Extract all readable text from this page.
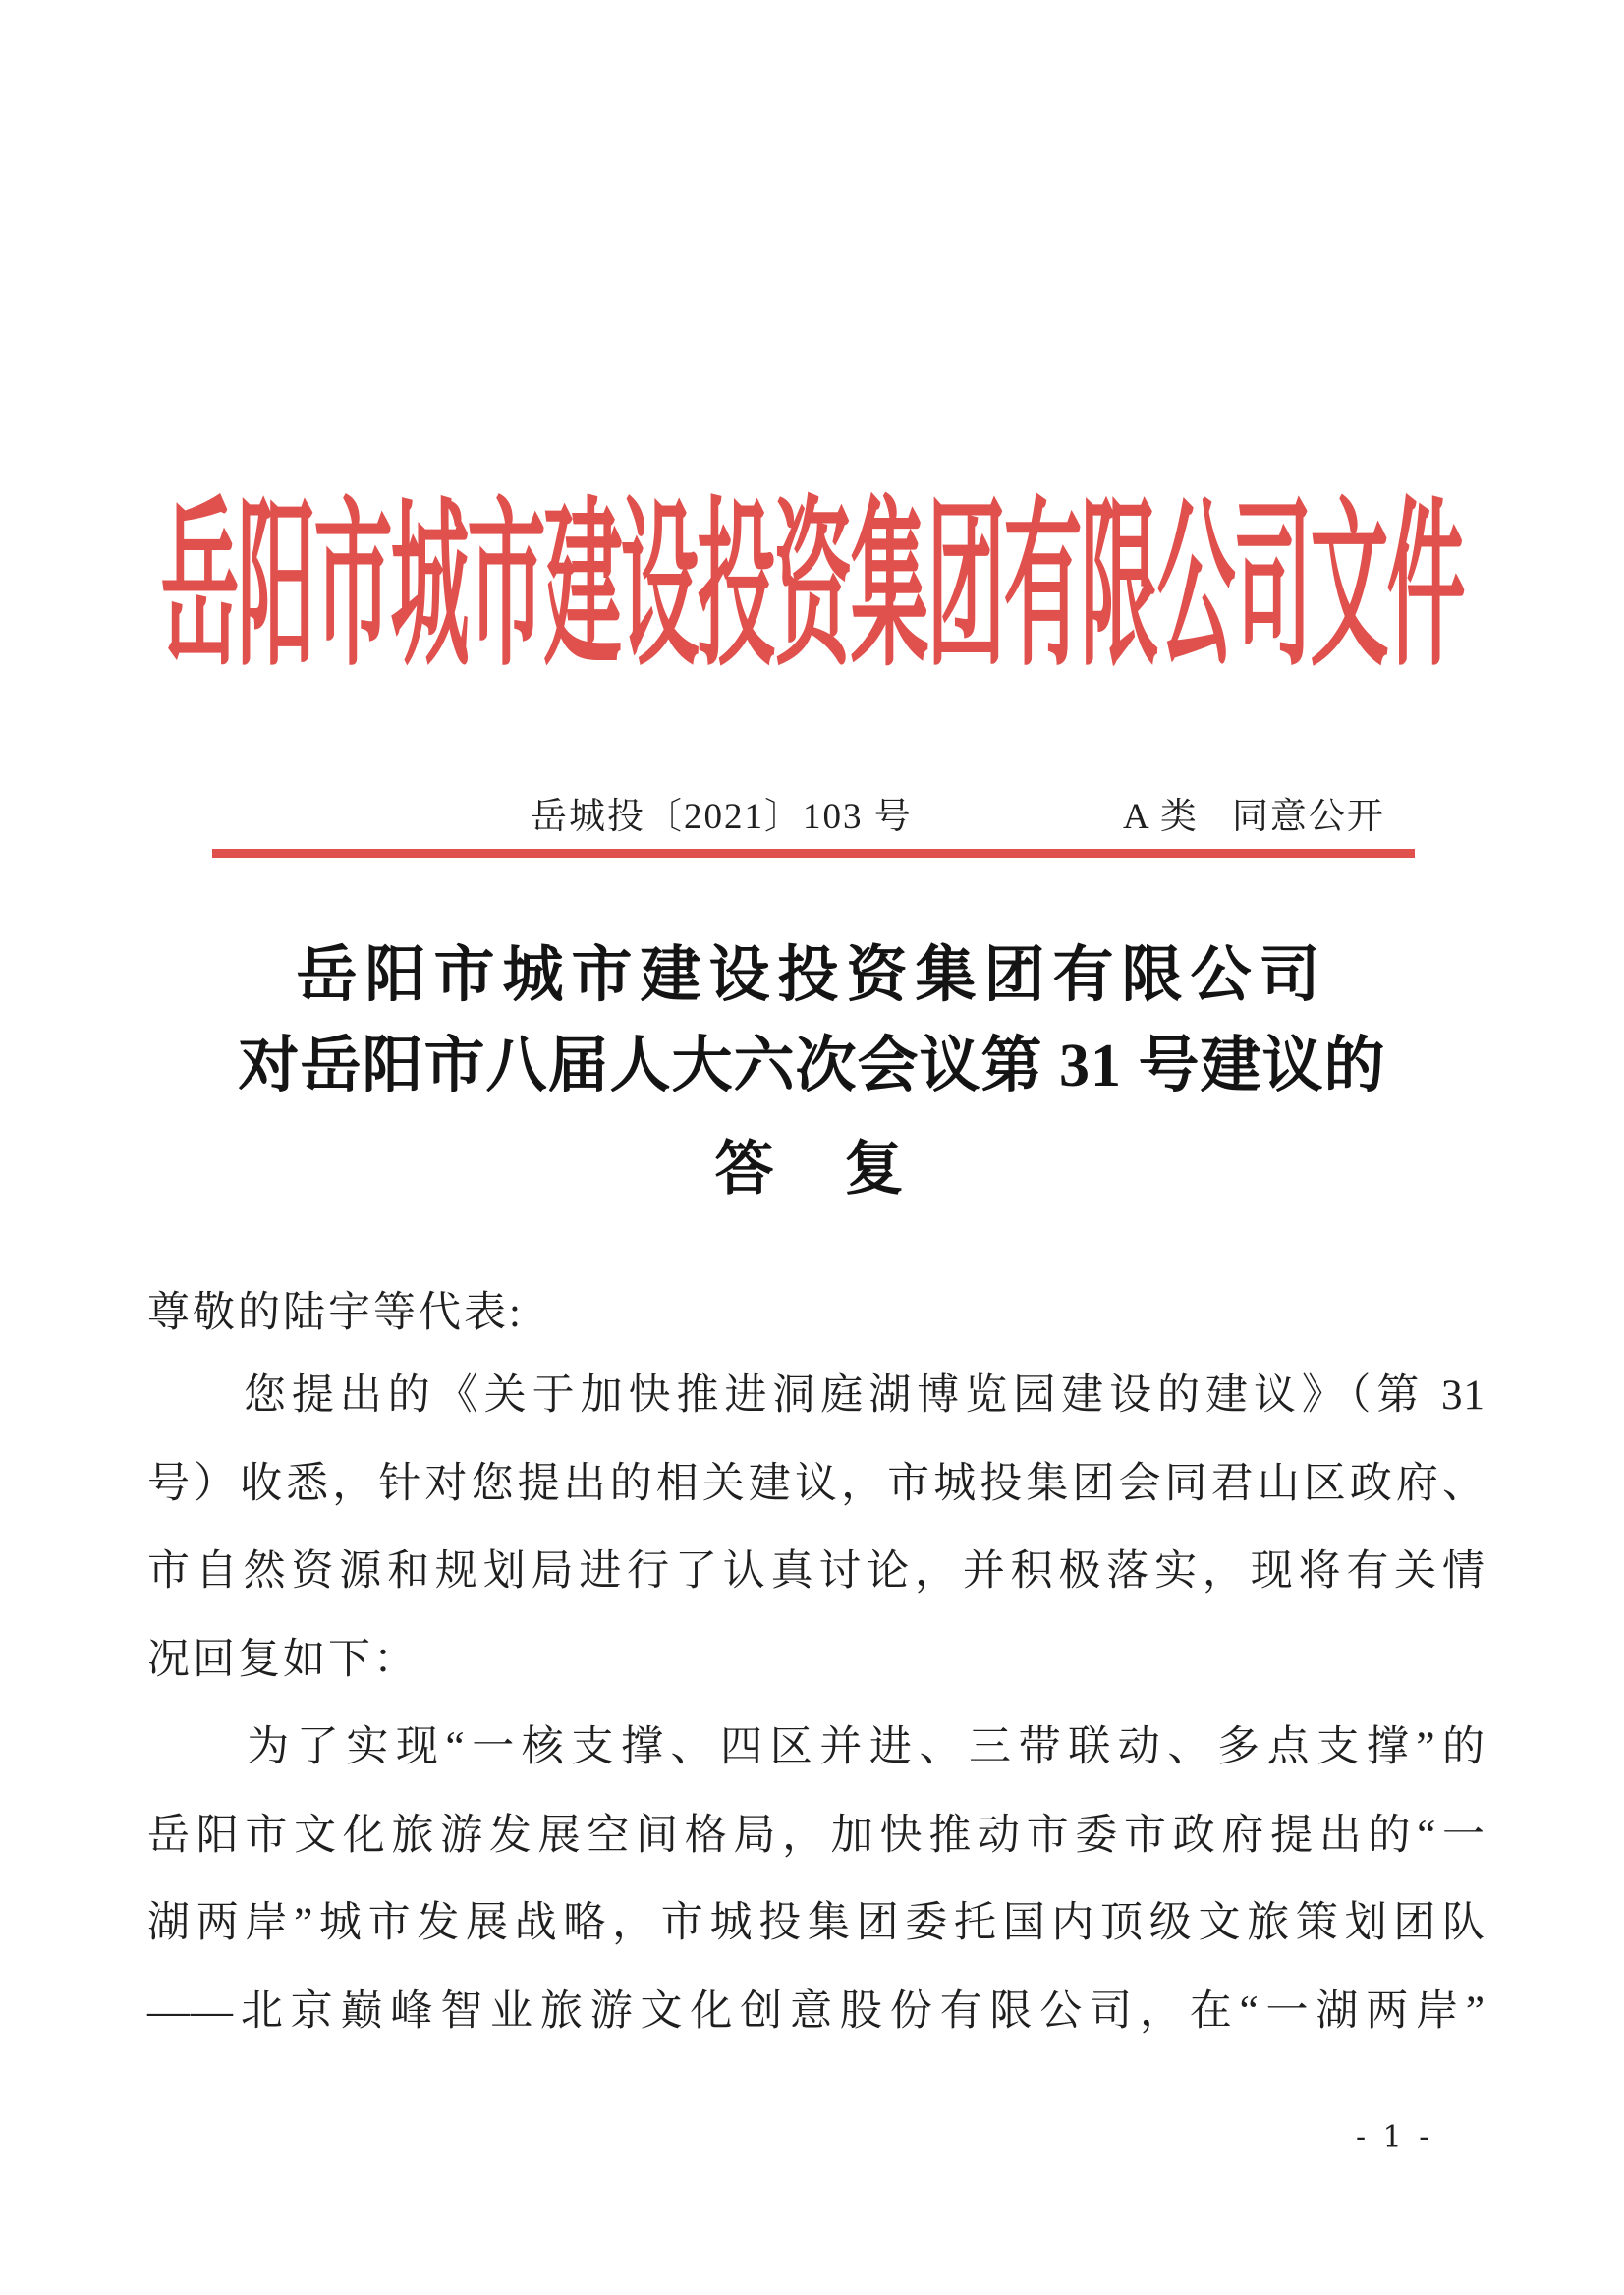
岳阳市城市建设投资集团有限公司文件
岳城投〔2021〕103 号	A 类 同意公开
岳阳市城市建设投资集团有限公司
对岳阳市八届人大六次会议第 31 号建议的
答　复
尊敬的陆宇等代表:
　　您提出的《关于加快推进洞庭湖博览园建设的建议》（第 31
号）收悉，针对您提出的相关建议，市城投集团会同君山区政府、
市自然资源和规划局进行了认真讨论，并积极落实，现将有关情
况回复如下：
　　为了实现“一核支撑、四区并进、三带联动、多点支撑”的
岳阳市文化旅游发展空间格局，加快推动市委市政府提出的“一
湖两岸”城市发展战略，市城投集团委托国内顶级文旅策划团队
——北京巅峰智业旅游文化创意股份有限公司，在“一湖两岸”
- 1 -
